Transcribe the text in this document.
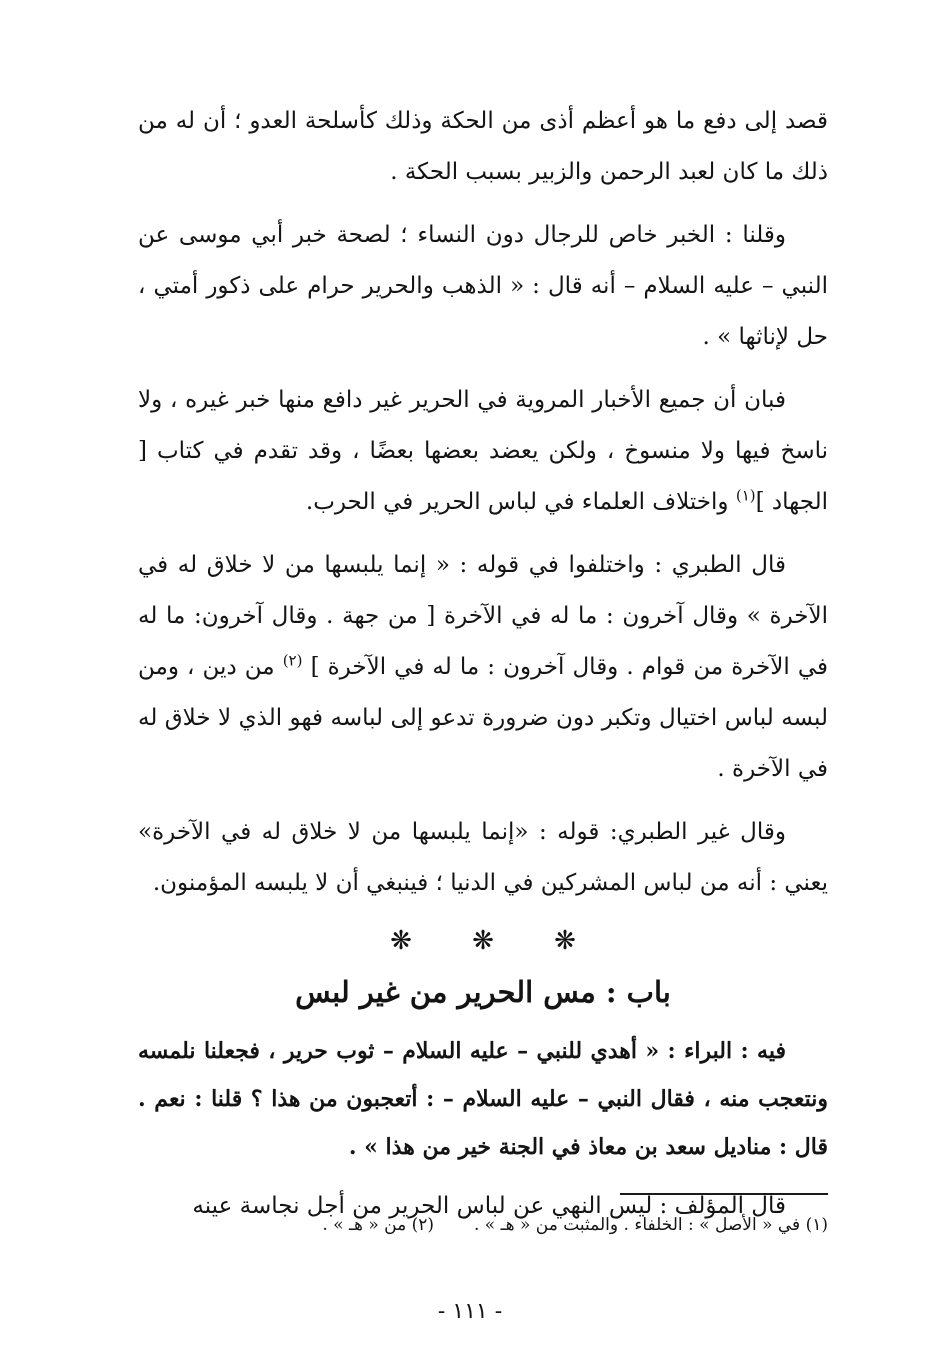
قصد إلى دفع ما هو أعظم أذى من الحكة وذلك كأسلحة العدو ؛ أن له من ذلك ما كان لعبد الرحمن والزبير بسبب الحكة .

وقلنا : الخبر خاص للرجال دون النساء ؛ لصحة خبر أبي موسى عن النبي – عليه السلام – أنه قال : « الذهب والحرير حرام على ذكور أمتي ، حل لإناثها » .

فبان أن جميع الأخبار المروية في الحرير غير دافع منها خبر غيره ، ولا ناسخ فيها ولا منسوخ ، ولكن يعضد بعضها بعضًا ، وقد تقدم في كتاب [ الجهاد ]$^{(١)}$ واختلاف العلماء في لباس الحرير في الحرب.

قال الطبري : واختلفوا في قوله : « إنما يلبسها من لا خلاق له في الآخرة » وقال آخرون : ما له في الآخرة [ من جهة . وقال آخرون: ما له في الآخرة من قوام . وقال آخرون : ما له في الآخرة ] $^{(٢)}$ من دين ، ومن لبسه لباس اختيال وتكبر دون ضرورة تدعو إلى لباسه فهو الذي لا خلاق له في الآخرة .

وقال غير الطبري: قوله : «إنما يلبسها من لا خلاق له في الآخرة» يعني : أنه من لباس المشركين في الدنيا ؛ فينبغي أن لا يلبسه المؤمنون.

❋ ❋ ❋
باب : مس الحرير من غير لبس

فيه : البراء : « أهدي للنبي – عليه السلام – ثوب حرير ، فجعلنا نلمسه ونتعجب منه ، فقال النبي – عليه السلام – : أتعجبون من هذا ؟ قلنا : نعم . قال : مناديل سعد بن معاذ في الجنة خير من هذا » .

قال المؤلف : ليس النهي عن لباس الحرير من أجل نجاسة عينه

(١) في « الأصل » : الخلفاء . والمثبت من « هـ » .(٢) من « هـ » .
- ١١١ -
